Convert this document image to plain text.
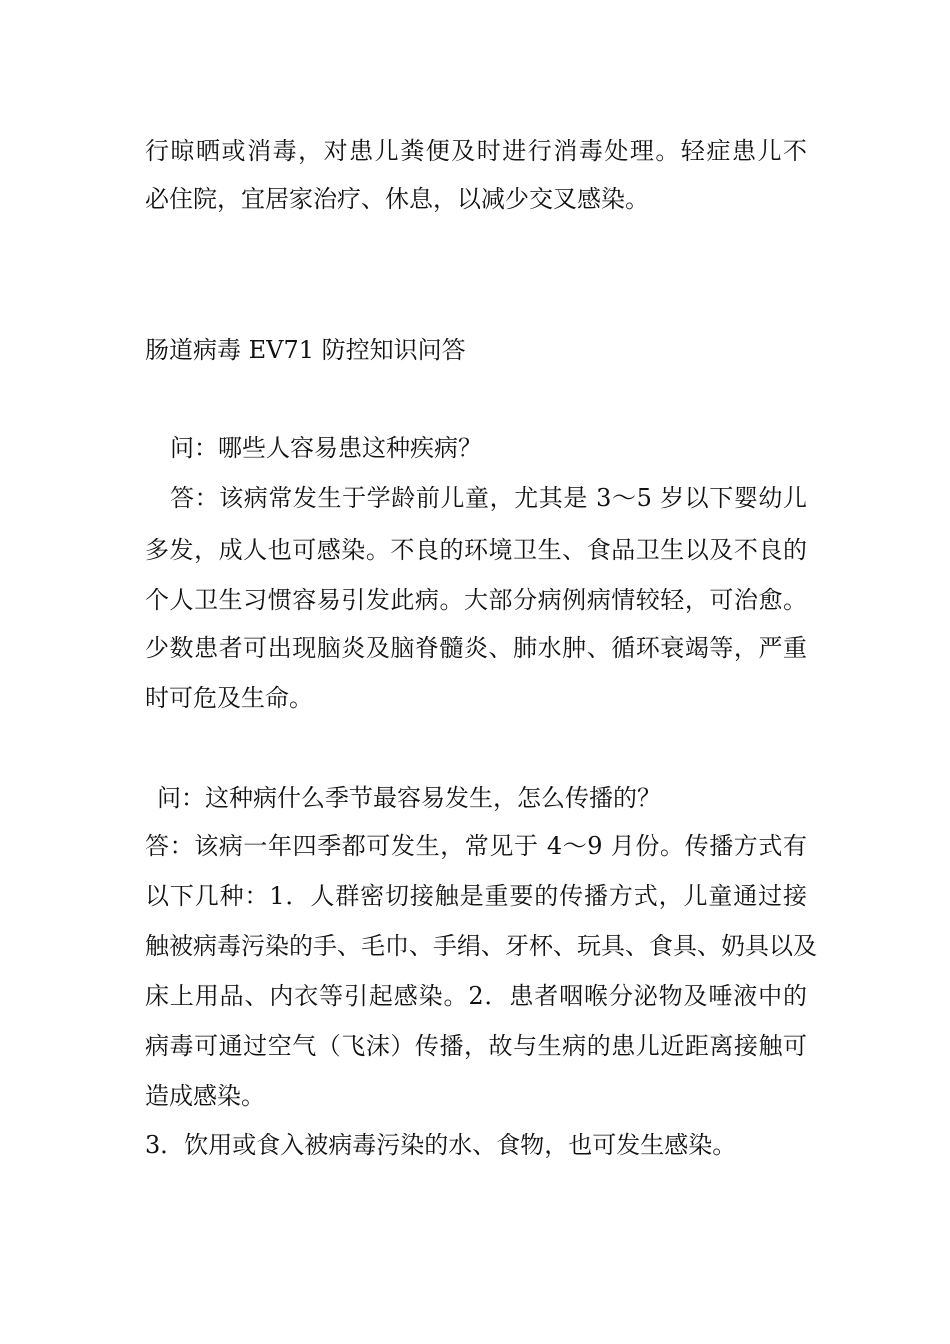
行晾晒或消毒，对患儿粪便及时进行消毒处理。轻症患儿不
必住院，宜居家治疗、休息，以减少交叉感染。
肠道病毒 EV71 防控知识问答
问：哪些人容易患这种疾病？
答：该病常发生于学龄前儿童，尤其是 3～5 岁以下婴幼儿
多发，成人也可感染。不良的环境卫生、食品卫生以及不良的
个人卫生习惯容易引发此病。大部分病例病情较轻，可治愈。
少数患者可出现脑炎及脑脊髓炎、肺水肿、循环衰竭等，严重
时可危及生命。
问：这种病什么季节最容易发生，怎么传播的？
答：该病一年四季都可发生，常见于 4～9 月份。传播方式有
以下几种：1．人群密切接触是重要的传播方式，儿童通过接
触被病毒污染的手、毛巾、手绢、牙杯、玩具、食具、奶具以及
床上用品、内衣等引起感染。2．患者咽喉分泌物及唾液中的
病毒可通过空气（飞沫）传播，故与生病的患儿近距离接触可
造成感染。
3．饮用或食入被病毒污染的水、食物，也可发生感染。
